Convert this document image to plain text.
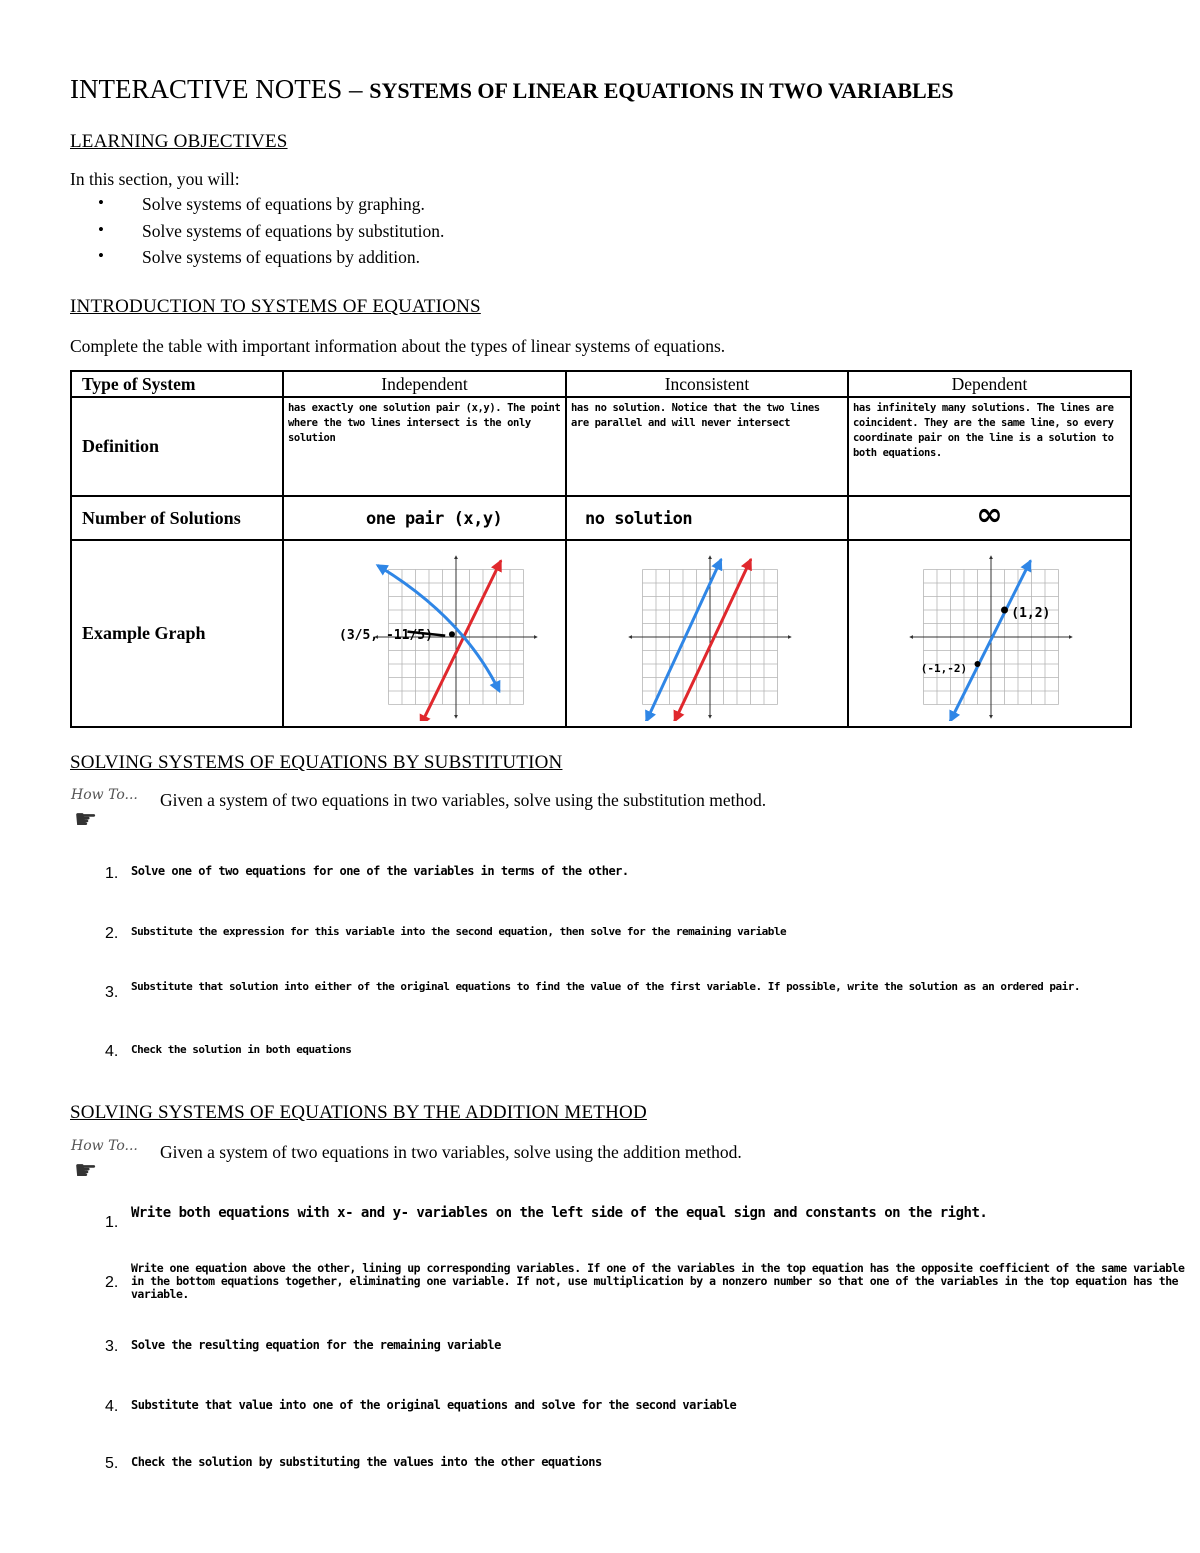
INTERACTIVE NOTES – SYSTEMS OF LINEAR EQUATIONS IN TWO VARIABLES
LEARNING OBJECTIVES
In this section, you will:
• Solve systems of equations by graphing.
• Solve systems of equations by substitution.
• Solve systems of equations by addition.
INTRODUCTION TO SYSTEMS OF EQUATIONS
Complete the table with important information about the types of linear systems of equations.
Type of System	Independent	Inconsistent	Dependent
Definition	has exactly one solution pair (x,y). The point where the two lines intersect is the only solution	has no solution. Notice that the two lines are parallel and will never intersect	has infinitely many solutions. The lines are coincident. They are the same line, so every coordinate pair on the line is a solution to both equations.

Number of Solutions	one pair (x,y)	no solution	∞

Example Graph	(3/5, -11/5)		(1,2)
(-1,-2)
SOLVING SYSTEMS OF EQUATIONS BY SUBSTITUTION
How To...
☛
Given a system of two equations in two variables, solve using the substitution method.
1. Solve one of two equations for one of the variables in terms of the other.
2. Substitute the expression for this variable into the second equation, then solve for the remaining variable
3. Substitute that solution into either of the original equations to find the value of the first variable. If possible, write the solution as an ordered pair.
4. Check the solution in both equations
SOLVING SYSTEMS OF EQUATIONS BY THE ADDITION METHOD
How To...
☛
Given a system of two equations in two variables, solve using the addition method.
1.
Write both equations with x- and y- variables on the left side of the equal sign and constants on the right.
2.
Write one equation above the other, lining up corresponding variables. If one of the variables in the top equation has the opposite coefficient of the same variable in the bottom equations together, eliminating one variable. If not, use multiplication by a nonzero number so that one of the variables in the top equation has the variable.
3. Solve the resulting equation for the remaining variable
4. Substitute that value into one of the original equations and solve for the second variable
5. Check the solution by substituting the values into the other equations
